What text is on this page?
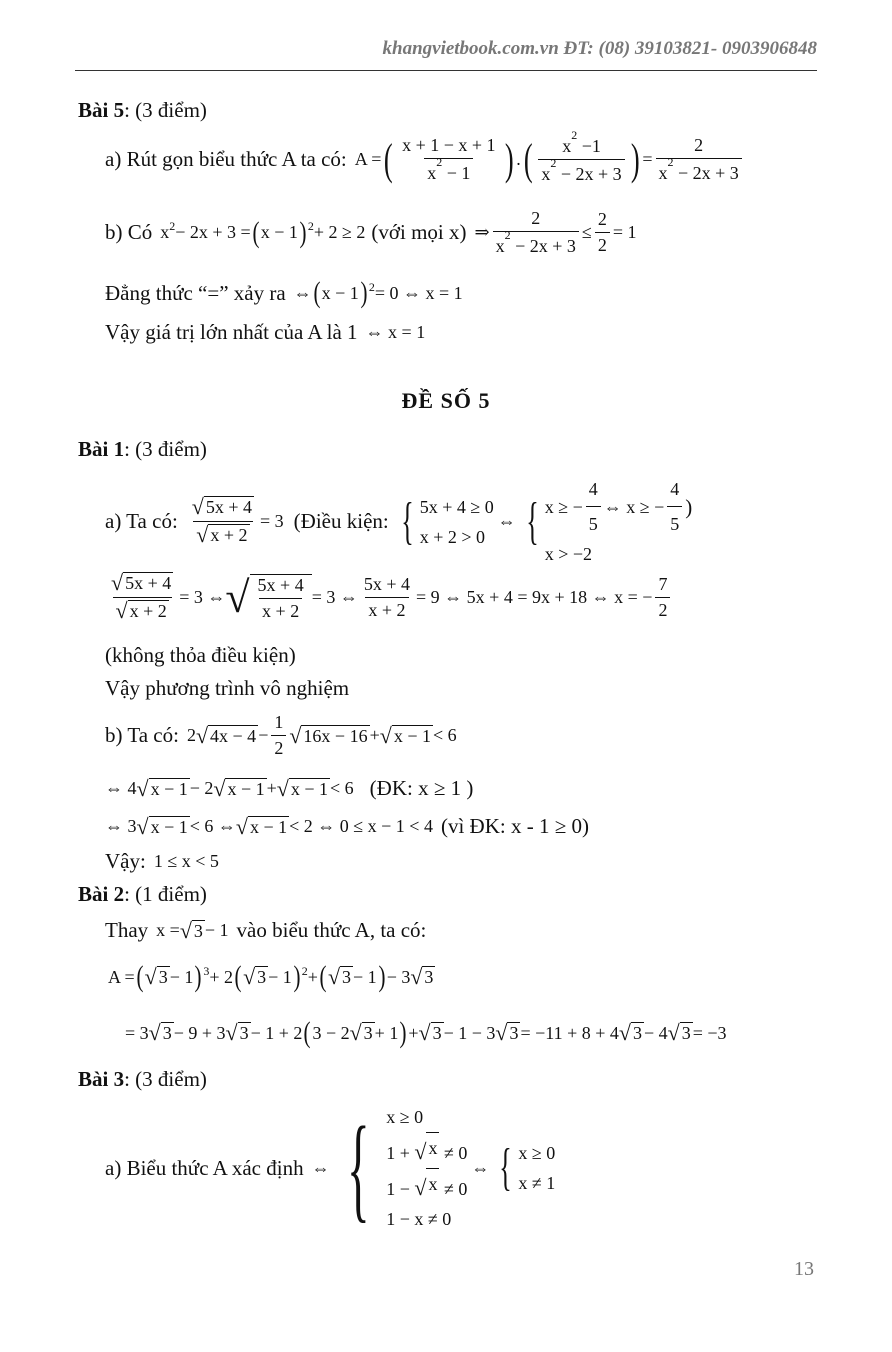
khangvietbook.com.vn ĐT: (08) 39103821- 0903906848
Bài 5 : (3 điểm)
a) Rút gọn biểu thức A ta có: A = ( $\frac{x + 1 - x + 1}{x^2 - 1}$ ) . ( $\frac{x^2 -1}{x^2 - 2x + 3}$ ) = $\frac{2}{x^2 - 2x + 3}$
b) Có x 2 − 2x + 3 = ( x − 1 ) 2 + 2 ≥ 2 (với mọi x) ⇒ $\frac{2}{x^2 - 2x + 3} \le \frac{2}{2} = 1$
Đẳng thức “=” xảy ra ⇔ ( x − 1 ) 2 = 0 ⇔ x = 1
Vậy giá trị lớn nhất của A là 1 ⇔ x = 1
ĐỀ SỐ 5
Bài 1 : (3 điểm)
a) Ta có: $\frac{√ 5x + 4}{√ x + 2} = 3$ (Điều kiện: { 5x + 4 ≥ 0
x + 2 > 0
⇔ { x ≥ − $\frac{4}{5}$ ⇔ x ≥ − $\frac{4}{5}$ )
x > −2
$\frac{√ 5x + 4}{√ x + 2} = 3$ ⇔ √ $\frac{5x + 4}{x + 2} = 3$ ⇔ $\frac{5x + 4}{x + 2} = 9$ ⇔ 5x + 4 = 9x + 18 ⇔ x = − $\frac{7}{2}$
(không thỏa điều kiện)
Vậy phương trình vô nghiệm
b) Ta có: 2 √ $4x - 4 - \frac{1}{2}$ √ 16x − 16 + √ x − 1 < 6
⇔ 4 √ x − 1 − 2 √ x − 1 + √ x − 1 < 6 (ĐK: x ≥ 1 )
⇔ 3 √ x − 1 < 6 ⇔ √ x − 1 < 2 ⇔ 0 ≤ x − 1 < 4 (vì ĐK: x - 1 ≥ 0)
Vậy: 1 ≤ x < 5
Bài 2 : (1 điểm)
Thay x = √ 3 − 1 vào biểu thức A, ta có:
A = ( √ 3 − 1 ) 3 + 2 ( √ 3 − 1 ) 2 + ( √ 3 − 1 ) − 3 √ 3
= 3 √ 3 − 9 + 3 √ 3 − 1 + 2 ( 3 − 2 √ 3 + 1 ) + √ 3 − 1 − 3 √ 3 = −11 + 8 + 4 √ 3 − 4 √ 3 = −3
Bài 3 : (3 điểm)
a) Biểu thức A xác định ⇔ { x ≥ 0
1 + √ x ≠ 0
1 − √ x ≠ 0
1 − x ≠ 0
⇔ { x ≥ 0
x ≠ 1
13
